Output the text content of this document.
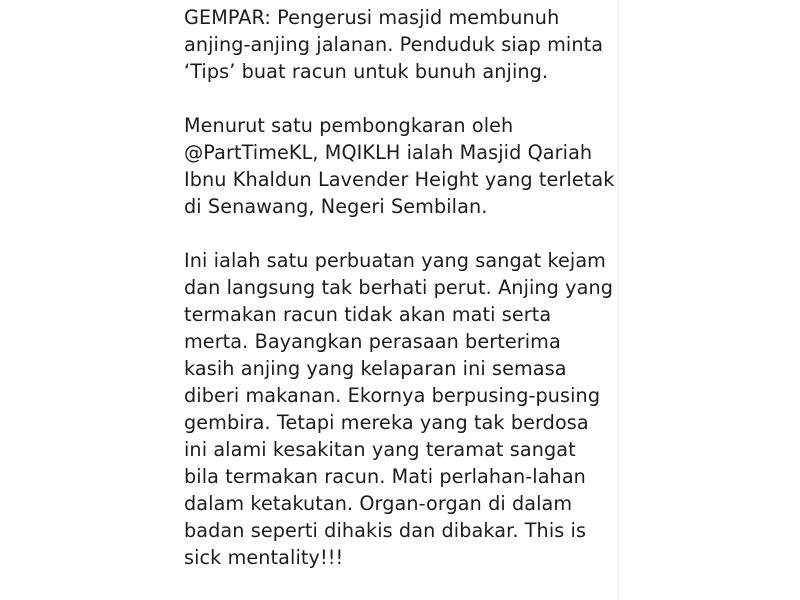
GEMPAR: Pengerusi masjid membunuh
anjing-anjing jalanan. Penduduk siap minta
‘Tips’ buat racun untuk bunuh anjing.
Menurut satu pembongkaran oleh
@PartTimeKL, MQIKLH ialah Masjid Qariah
Ibnu Khaldun Lavender Height yang terletak
di Senawang, Negeri Sembilan.
Ini ialah satu perbuatan yang sangat kejam
dan langsung tak berhati perut. Anjing yang
termakan racun tidak akan mati serta
merta. Bayangkan perasaan berterima
kasih anjing yang kelaparan ini semasa
diberi makanan. Ekornya berpusing-pusing
gembira. Tetapi mereka yang tak berdosa
ini alami kesakitan yang teramat sangat
bila termakan racun. Mati perlahan-lahan
dalam ketakutan. Organ-organ di dalam
badan seperti dihakis dan dibakar. This is
sick mentality!!!
